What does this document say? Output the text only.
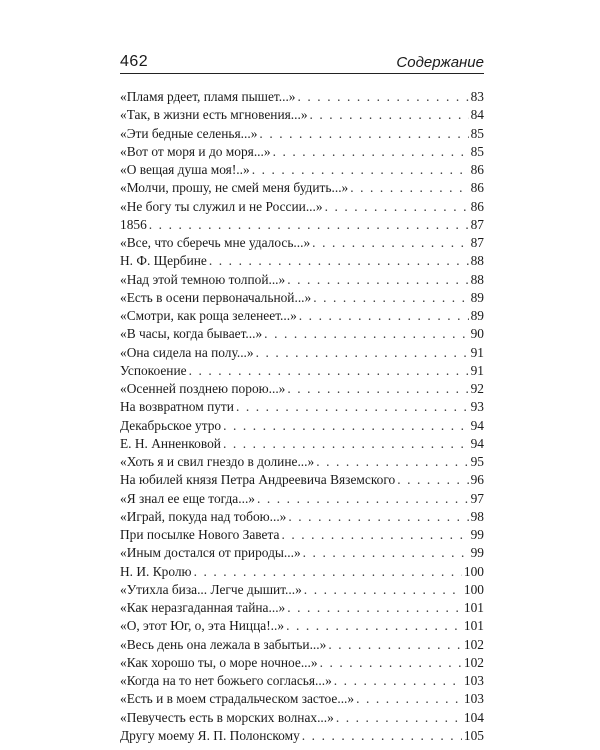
462	Содержание
«Пламя рдеет, пламя пышет...» . . .	83
«Так, в жизни есть мгновения...» . . .	84
«Эти бедные селенья...» . . .	85
«Вот от моря и до моря...» . . .	85
«О вещая душа моя!..» . . .	86
«Молчи, прошу, не смей меня будить...» . . .	86
«Не богу ты служил и не России...» . . .	86
1856 . . .	87
«Все, что сберечь мне удалось...» . . .	87
Н. Ф. Щербине . . .	88
«Над этой темною толпой...» . . .	88
«Есть в осени первоначальной...» . . .	89
«Смотри, как роща зеленеет...» . . .	89
«В часы, когда бывает...» . . .	90
«Она сидела на полу...» . . .	91
Успокоение . . .	91
«Осенней позднею порою...» . . .	92
На возвратном пути . . .	93
Декабрьское утро . . .	94
Е. Н. Анненковой . . .	94
«Хоть я и свил гнездо в долине...» . . .	95
На юбилей князя Петра Андреевича Вяземского . . .	96
«Я знал ее еще тогда...» . . .	97
«Играй, покуда над тобою...» . . .	98
При посылке Нового Завета . . .	99
«Иным достался от природы...» . . .	99
Н. И. Кролю . . .	100
«Утихла биза... Легче дышит...» . . .	100
«Как неразгаданная тайна...» . . .	101
«О, этот Юг, о, эта Ницца!..» . . .	101
«Весь день она лежала в забытьи...» . . .	102
«Как хорошо ты, о море ночное...» . . .	102
«Когда на то нет божьего согласья...» . . .	103
«Есть и в моем страдальческом застое...» . . .	103
«Певучесть есть в морских волнах...» . . .	104
Другу моему Я. П. Полонскому . . .	105
